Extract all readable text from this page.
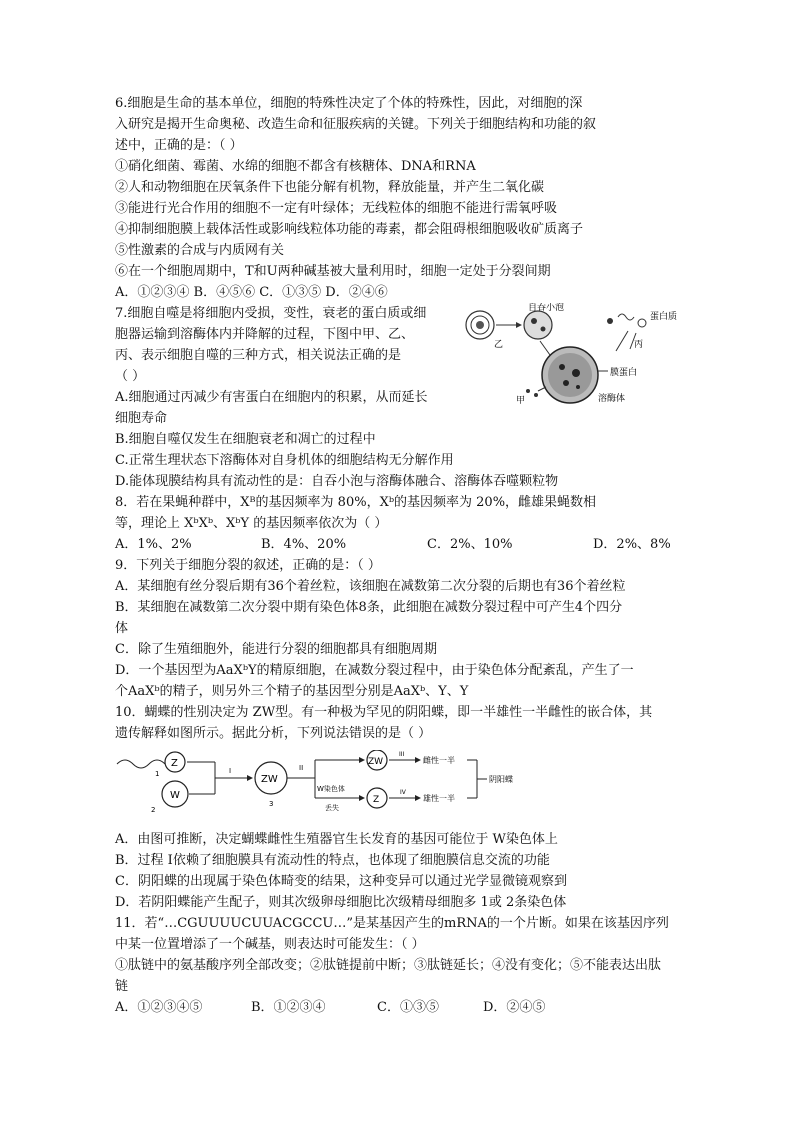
6.细胞是生命的基本单位，细胞的特殊性决定了个体的特殊性，因此，对细胞的深
入研究是揭开生命奥秘、改造生命和征服疾病的关键。下列关于细胞结构和功能的叙
述中，正确的是：（ ）
①硝化细菌、霉菌、水绵的细胞不都含有核糖体、DNA和RNA
②人和动物细胞在厌氧条件下也能分解有机物，释放能量，并产生二氧化碳
③能进行光合作用的细胞不一定有叶绿体；无线粒体的细胞不能进行需氧呼吸
④抑制细胞膜上载体活性或影响线粒体功能的毒素，都会阻碍根细胞吸收矿质离子
⑤性激素的合成与内质网有关
⑥在一个细胞周期中，T和U两种碱基被大量利用时，细胞一定处于分裂间期
A．①②③④ B．④⑤⑥ C．①③⑤ D．②④⑥
7.细胞自噬是将细胞内受损，变性，衰老的蛋白质或细
胞器运输到溶酶体内并降解的过程，下图中甲、乙、
丙、表示细胞自噬的三种方式，相关说法正确的是
（ ）
A.细胞通过丙减少有害蛋白在细胞内的积累，从而延长
细胞寿命
乙
自吞小泡
甲
蛋白质
丙
膜蛋白
溶酶体
B.细胞自噬仅发生在细胞衰老和凋亡的过程中
C.正常生理状态下溶酶体对自身机体的细胞结构无分解作用
D.能体现膜结构具有流动性的是：自吞小泡与溶酶体融合、溶酶体吞噬颗粒物
8．若在果蝇种群中，Xᴮ的基因频率为 80%，Xᵇ的基因频率为 20%，雌雄果蝇数相
等，理论上 XᵇXᵇ、XᵇY 的基因频率依次为（ ）
A．1%、2%	B．4%、20%	C．2%、10%	D．2%、8%
9．下列关于细胞分裂的叙述，正确的是：（ ）
A．某细胞有丝分裂后期有36个着丝粒，该细胞在减数第二次分裂的后期也有36个着丝粒
B．某细胞在减数第二次分裂中期有染色体8条，此细胞在减数分裂过程中可产生4个四分
体
C．除了生殖细胞外，能进行分裂的细胞都具有细胞周期
D．一个基因型为AaXᵇY的精原细胞，在减数分裂过程中，由于染色体分配紊乱，产生了一
个AaXᵇ的精子，则另外三个精子的基因型分别是AaXᵇ、Y、Y
10．蝴蝶的性别决定为 ZW型。有一种极为罕见的阴阳蝶，即一半雄性一半雌性的嵌合体，其
遗传解释如图所示。据此分析，下列说法错误的是（ ）
Z
1
W
2
I
ZW
3
II
W染色体
丢失
ZW
Z
III
IV
雌性一半
雄性一半
阴阳蝶
A．由图可推断，决定蝴蝶雌性生殖器官生长发育的基因可能位于 W染色体上
B．过程 I依赖了细胞膜具有流动性的特点，也体现了细胞膜信息交流的功能
C．阴阳蝶的出现属于染色体畸变的结果，这种变异可以通过光学显微镜观察到
D．若阴阳蝶能产生配子，则其次级卵母细胞比次级精母细胞多 1或 2条染色体
11．若“…CGUUUUCUUACGCCU…”是某基因产生的mRNA的一个片断。如果在该基因序列
中某一位置增添了一个碱基，则表达时可能发生：（ ）
①肽链中的氨基酸序列全部改变；②肽链提前中断；③肽链延长；④没有变化；⑤不能表达出肽
链
A．①②③④⑤	B．①②③④	C．①③⑤	D．②④⑤
